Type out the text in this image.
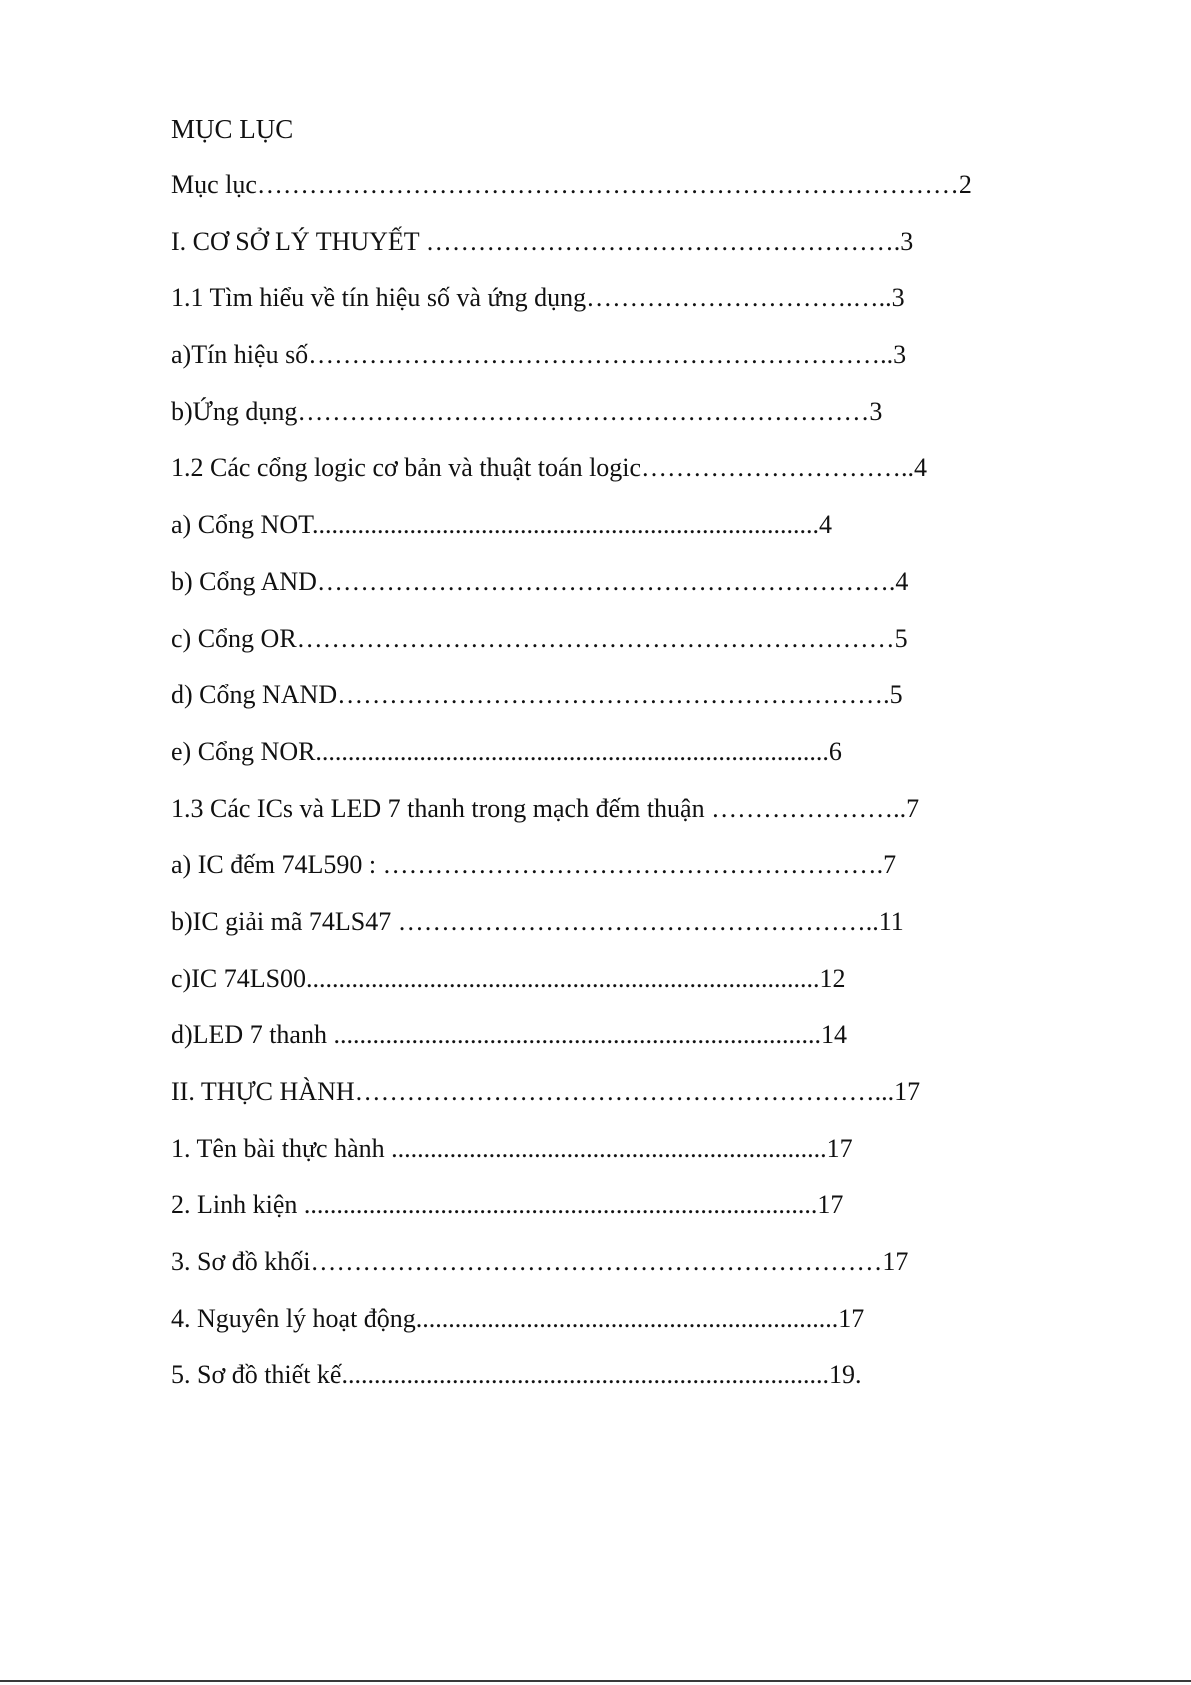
MỤC LỤC
Mục lục………………………………………………………………………2
I. CƠ SỞ LÝ THUYẾT ……………………………………………….3
1.1 Tìm hiểu về tín hiệu số và ứng dụng………………………….…..3
a)Tín hiệu số…………………………………………………………..3
b)Ứng dụng…………………………………………………………3
1.2 Các cổng logic cơ bản và thuật toán logic…………………………..4
a) Cổng NOT..............................................................................4
b) Cổng AND………………………………………………………….4
c) Cổng OR……………………………………………………………5
d) Cổng NAND……………………………………………………….5
e) Cổng NOR...............................................................................6
1.3 Các ICs và LED 7 thanh trong mạch đếm thuận …………………..7
a) IC đếm 74L590 : ………………………………………………….7
b)IC giải mã 74LS47 ………………………………………………..11
c)IC 74LS00...............................................................................12
d)LED 7 thanh ...........................................................................14
II. THỰC HÀNH……………………………………………………...17
1. Tên bài thực hành ...................................................................17
2. Linh kiện ...............................................................................17
3. Sơ đồ khối…………………………………………………………17
4. Nguyên lý hoạt động.................................................................17
5. Sơ đồ thiết kế...........................................................................19.
